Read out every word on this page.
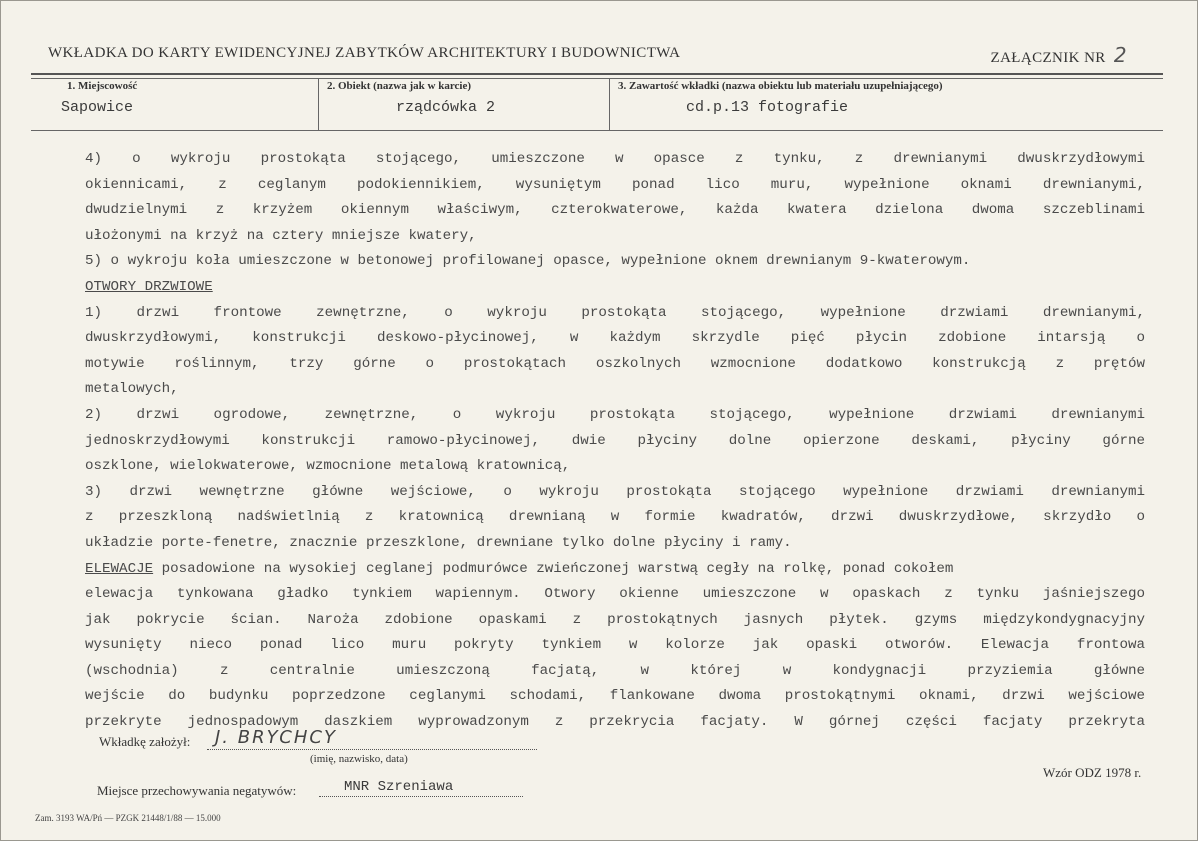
WKŁADKA DO KARTY EWIDENCYJNEJ ZABYTKÓW ARCHITEKTURY I BUDOWNICTWA	ZAŁĄCZNIK NR 2
1. Miejscowość
Sapowice
2. Obiekt (nazwa jak w karcie)
rządcówka 2
3. Zawartość wkładki (nazwa obiektu lub materiału uzupełniającego)
cd.p.13 fotografie
4) o wykroju prostokąta stojącego, umieszczone w opasce z tynku, z drewnianymi dwuskrzydłowymi
okiennicami, z ceglanym podokiennikiem, wysuniętym ponad lico muru, wypełnione oknami drewnianymi,
dwudzielnymi z krzyżem okiennym właściwym, czterokwaterowe, każda kwatera dzielona dwoma szczeblinami
ułożonymi na krzyż na cztery mniejsze kwatery,
5) o wykroju koła umieszczone w betonowej profilowanej opasce, wypełnione oknem drewnianym 9-kwaterowym.
OTWORY DRZWIOWE
1) drzwi frontowe zewnętrzne, o wykroju prostokąta stojącego, wypełnione drzwiami drewnianymi,
dwuskrzydłowymi, konstrukcji deskowo-płycinowej, w każdym skrzydle pięć płycin zdobione intarsją o
motywie roślinnym, trzy górne o prostokątach oszkolnych wzmocnione dodatkowo konstrukcją z prętów
metalowych,
2) drzwi ogrodowe, zewnętrzne, o wykroju prostokąta stojącego, wypełnione drzwiami drewnianymi
jednoskrzydłowymi konstrukcji ramowo-płycinowej, dwie płyciny dolne opierzone deskami, płyciny górne
oszklone, wielokwaterowe, wzmocnione metalową kratownicą,
3) drzwi wewnętrzne główne wejściowe, o wykroju prostokąta stojącego wypełnione drzwiami drewnianymi
z przeszkloną nadświetlnią z kratownicą drewnianą w formie kwadratów, drzwi dwuskrzydłowe, skrzydło o
układzie porte-fenetre, znacznie przeszklone, drewniane tylko dolne płyciny i ramy.
ELEWACJE posadowione na wysokiej ceglanej podmurówce zwieńczonej warstwą cegły na rolkę, ponad cokołem
elewacja tynkowana gładko tynkiem wapiennym. Otwory okienne umieszczone w opaskach z tynku jaśniejszego
jak pokrycie ścian. Naroża zdobione opaskami z prostokątnych jasnych płytek. gzyms międzykondygnacyjny
wysunięty nieco ponad lico muru pokryty tynkiem w kolorze jak opaski otworów. Elewacja frontowa
(wschodnia) z centralnie umieszczoną facjatą, w której w kondygnacji przyziemia główne
wejście do budynku poprzedzone ceglanymi schodami, flankowane dwoma prostokątnymi oknami, drzwi wejściowe
przekryte jednospadowym daszkiem wyprowadzonym z przekrycia facjaty. W górnej części facjaty przekryta
Wkładkę założył: J. BRYCHCY
(imię, nazwisko, data)
Wzór ODZ 1978 r.
Miejsce przechowywania negatywów:	MNR Szreniawa
Zam. 3193 WA/Pń — PZGK 21448/1/88 — 15.000
